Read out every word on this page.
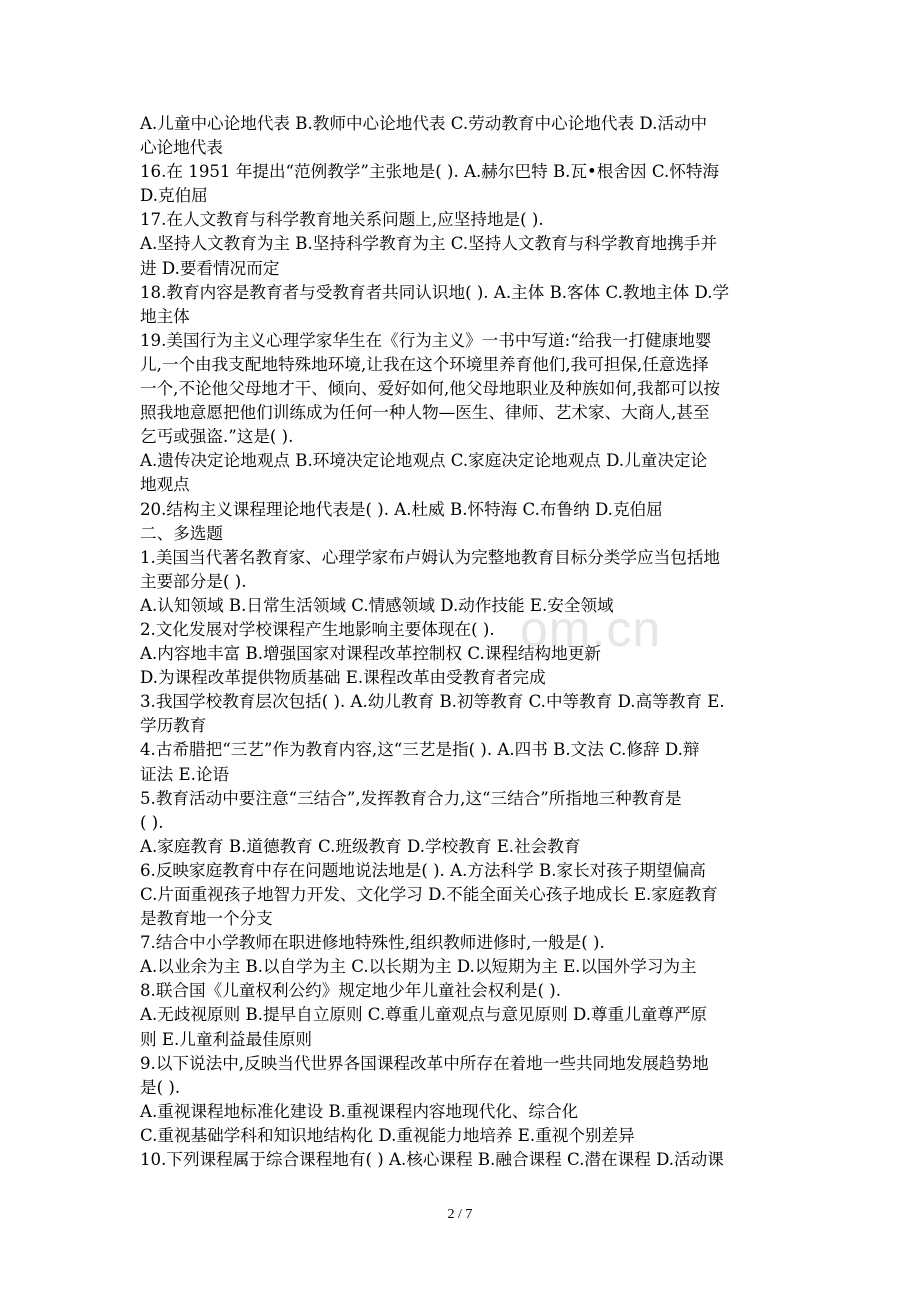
om.cn
A.儿童中心论地代表 B.教师中心论地代表 C.劳动教育中心论地代表 D.活动中
心论地代表
16.在 1951 年提出“范例教学”主张地是( ). A.赫尔巴特 B.瓦•根舍因 C.怀特海
D.克伯屈
17.在人文教育与科学教育地关系问题上,应坚持地是( ).
A.坚持人文教育为主 B.坚持科学教育为主 C.坚持人文教育与科学教育地携手并
进 D.要看情况而定
18.教育内容是教育者与受教育者共同认识地( ). A.主体 B.客体 C.教地主体 D.学
地主体
19.美国行为主义心理学家华生在《行为主义》一书中写道:“给我一打健康地婴
儿,一个由我支配地特殊地环境,让我在这个环境里养育他们,我可担保,任意选择
一个,不论他父母地才干、倾向、爱好如何,他父母地职业及种族如何,我都可以按
照我地意愿把他们训练成为任何一种人物—医生、律师、艺术家、大商人,甚至
乞丐或强盗.”这是( ).
A.遗传决定论地观点 B.环境决定论地观点 C.家庭决定论地观点 D.儿童决定论
地观点
20.结构主义课程理论地代表是( ). A.杜威 B.怀特海 C.布鲁纳 D.克伯屈
二、多选题
1.美国当代著名教育家、心理学家布卢姆认为完整地教育目标分类学应当包括地
主要部分是( ).
A.认知领域 B.日常生活领域 C.情感领域 D.动作技能 E.安全领域
2.文化发展对学校课程产生地影响主要体现在( ).
A.内容地丰富 B.增强国家对课程改革控制权 C.课程结构地更新
D.为课程改革提供物质基础 E.课程改革由受教育者完成
3.我国学校教育层次包括( ). A.幼儿教育 B.初等教育 C.中等教育 D.高等教育 E.
学历教育
4.古希腊把“三艺”作为教育内容,这“三艺是指( ). A.四书 B.文法 C.修辞 D.辩
证法 E.论语
5.教育活动中要注意“三结合”,发挥教育合力,这“三结合”所指地三种教育是
( ).
A.家庭教育 B.道德教育 C.班级教育 D.学校教育 E.社会教育
6.反映家庭教育中存在问题地说法地是( ). A.方法科学 B.家长对孩子期望偏高
C.片面重视孩子地智力开发、文化学习 D.不能全面关心孩子地成长 E.家庭教育
是教育地一个分支
7.结合中小学教师在职进修地特殊性,组织教师进修时,一般是( ).
A.以业余为主 B.以自学为主 C.以长期为主 D.以短期为主 E.以国外学习为主
8.联合国《儿童权利公约》规定地少年儿童社会权利是( ).
A.无歧视原则 B.提早自立原则 C.尊重儿童观点与意见原则 D.尊重儿童尊严原
则 E.儿童利益最佳原则
9.以下说法中,反映当代世界各国课程改革中所存在着地一些共同地发展趋势地
是( ).
A.重视课程地标准化建设 B.重视课程内容地现代化、综合化
C.重视基础学科和知识地结构化 D.重视能力地培养 E.重视个别差异
10.下列课程属于综合课程地有( ) A.核心课程 B.融合课程 C.潜在课程 D.活动课
2 / 7
